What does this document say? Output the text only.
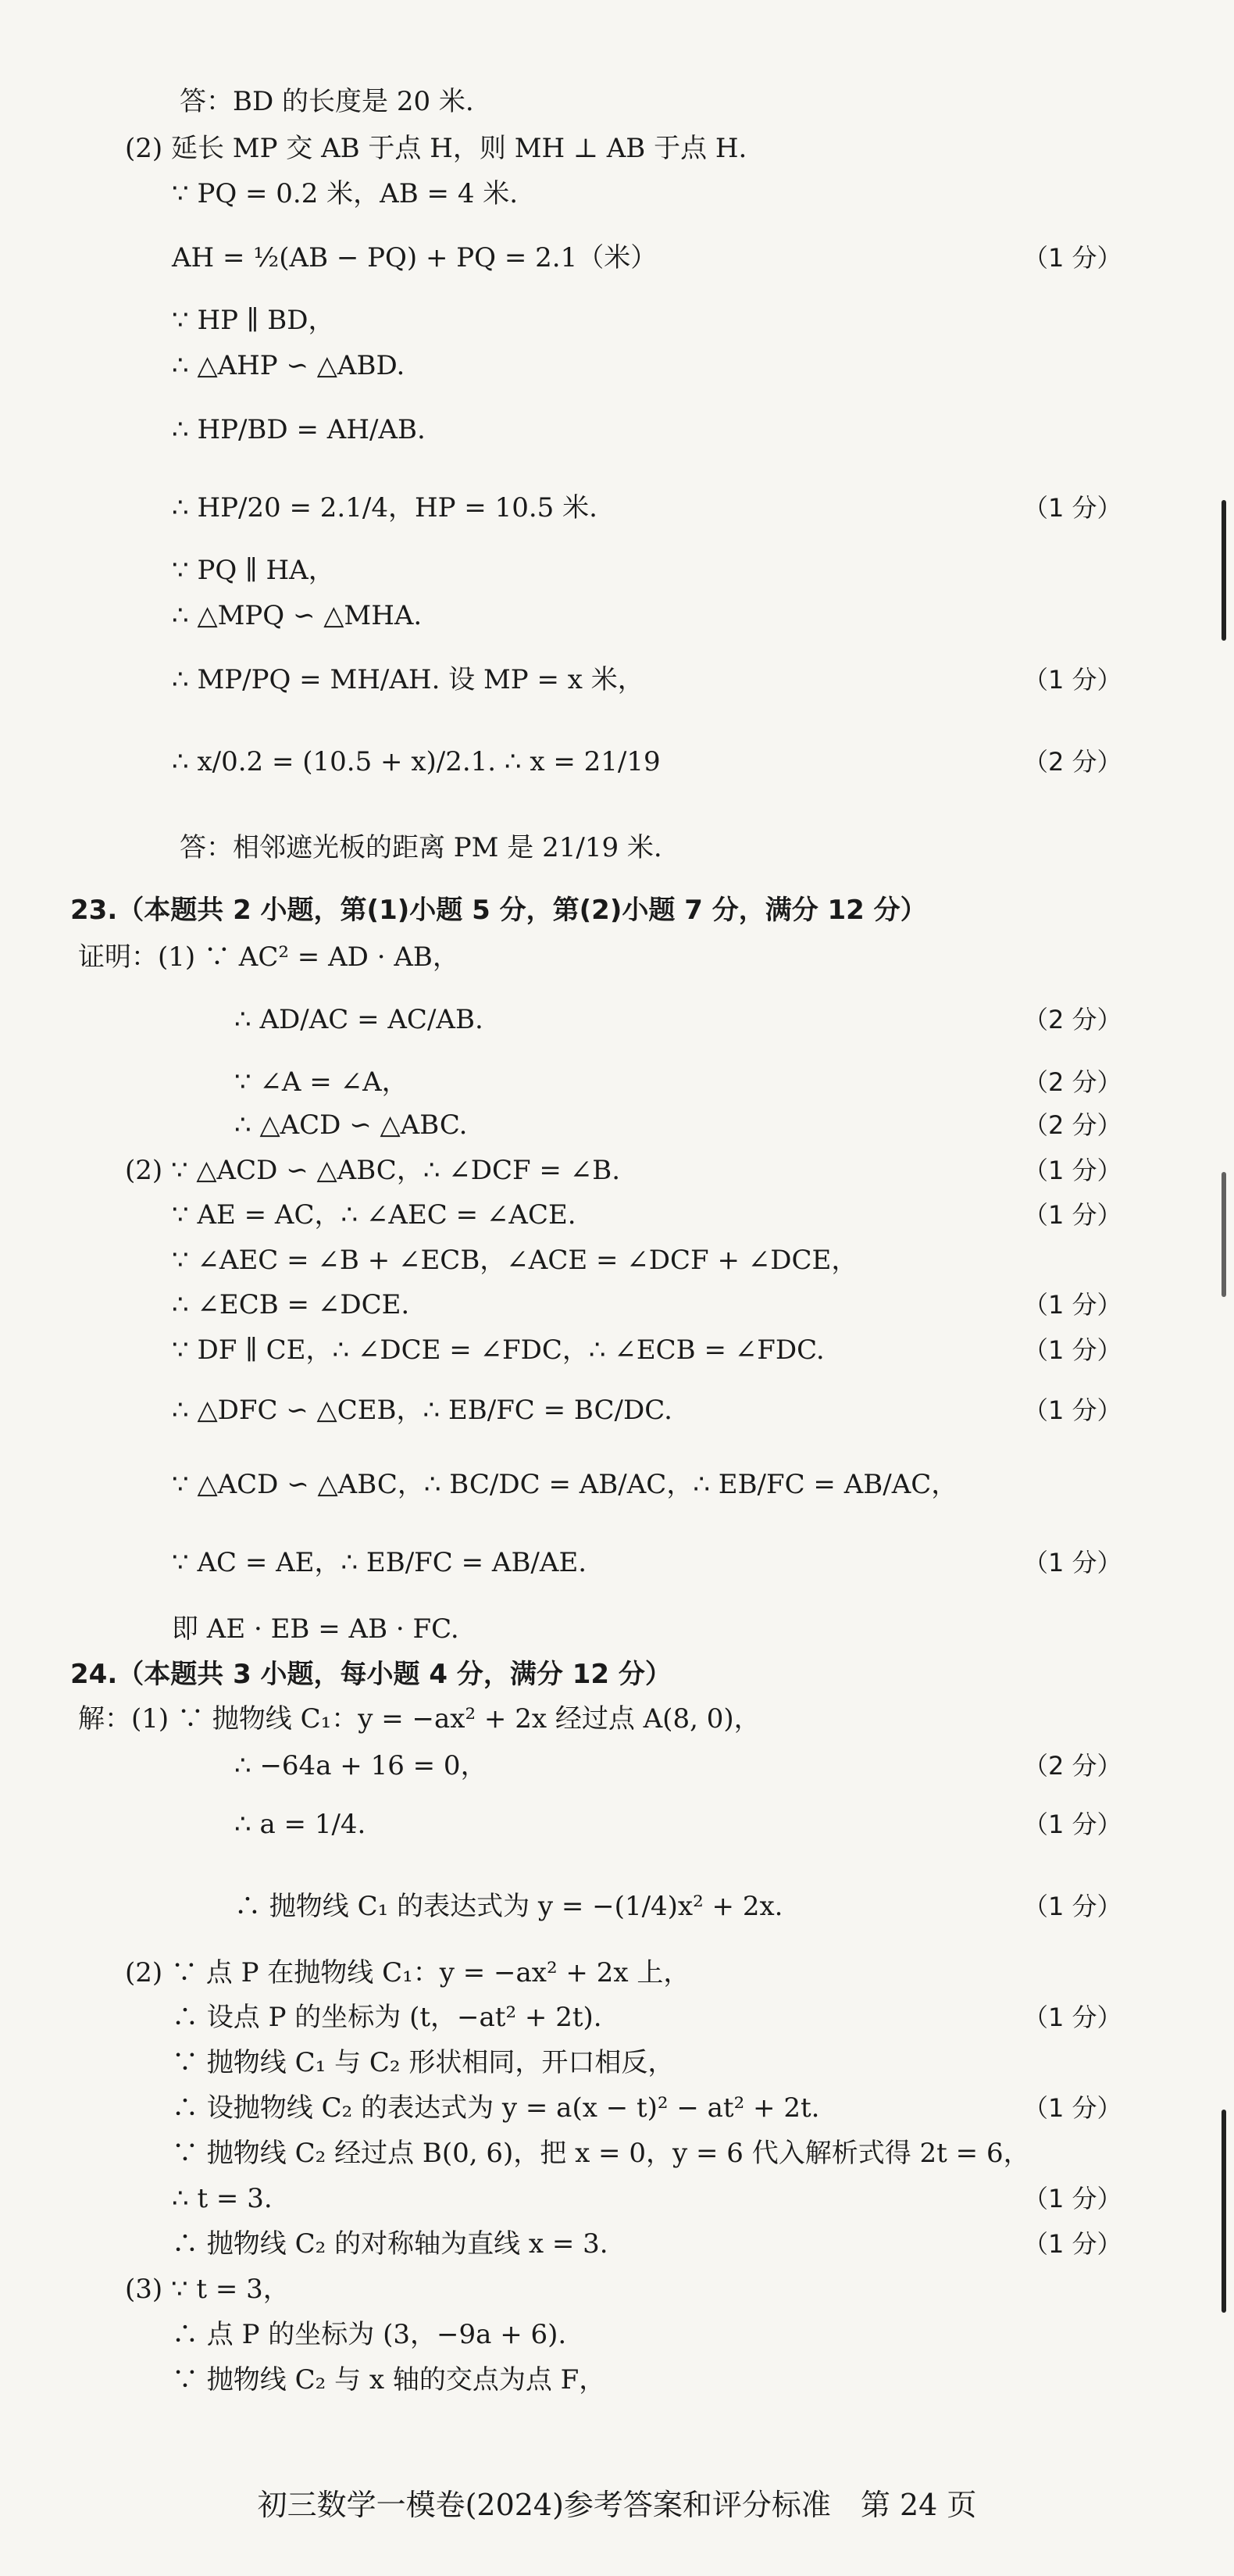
答：BD 的长度是 20 米.
(2) 延长 MP 交 AB 于点 H，则 MH ⊥ AB 于点 H.
∵ PQ = 0.2 米，AB = 4 米.
AH = ½(AB − PQ) + PQ = 2.1（米）	（1 分）
∵ HP ∥ BD，
∴ △AHP ∽ △ABD.
∴ HP/BD = AH/AB.
∴ HP/20 = 2.1/4，HP = 10.5 米.	（1 分）
∵ PQ ∥ HA，
∴ △MPQ ∽ △MHA.
∴ MP/PQ = MH/AH. 设 MP = x 米，	（1 分）
∴ x/0.2 = (10.5 + x)/2.1. ∴ x = 21/19	（2 分）
答：相邻遮光板的距离 PM 是 21/19 米.
23.（本题共 2 小题，第(1)小题 5 分，第(2)小题 7 分，满分 12 分）
证明：(1) ∵ AC² = AD · AB，
∴ AD/AC = AC/AB.	（2 分）
∵ ∠A = ∠A，	（2 分）
∴ △ACD ∽ △ABC.	（2 分）
(2) ∵ △ACD ∽ △ABC，∴ ∠DCF = ∠B.	（1 分）
∵ AE = AC，∴ ∠AEC = ∠ACE.	（1 分）
∵ ∠AEC = ∠B + ∠ECB，∠ACE = ∠DCF + ∠DCE，
∴ ∠ECB = ∠DCE.	（1 分）
∵ DF ∥ CE，∴ ∠DCE = ∠FDC，∴ ∠ECB = ∠FDC.	（1 分）
∴ △DFC ∽ △CEB，∴ EB/FC = BC/DC.	（1 分）
∵ △ACD ∽ △ABC，∴ BC/DC = AB/AC，∴ EB/FC = AB/AC，
∵ AC = AE，∴ EB/FC = AB/AE.	（1 分）
即 AE · EB = AB · FC.
24.（本题共 3 小题，每小题 4 分，满分 12 分）
解：(1) ∵ 抛物线 C₁：y = −ax² + 2x 经过点 A(8, 0)，
∴ −64a + 16 = 0，	（2 分）
∴ a = 1/4.	（1 分）
∴ 抛物线 C₁ 的表达式为 y = −(1/4)x² + 2x.	（1 分）
(2) ∵ 点 P 在抛物线 C₁：y = −ax² + 2x 上，
∴ 设点 P 的坐标为 (t，−at² + 2t).	（1 分）
∵ 抛物线 C₁ 与 C₂ 形状相同，开口相反，
∴ 设抛物线 C₂ 的表达式为 y = a(x − t)² − at² + 2t.	（1 分）
∵ 抛物线 C₂ 经过点 B(0, 6)，把 x = 0，y = 6 代入解析式得 2t = 6，
∴ t = 3.	（1 分）
∴ 抛物线 C₂ 的对称轴为直线 x = 3.	（1 分）
(3) ∵ t = 3，
∴ 点 P 的坐标为 (3，−9a + 6).
∵ 抛物线 C₂ 与 x 轴的交点为点 F，
初三数学一模卷(2024)参考答案和评分标准　第 24 页
